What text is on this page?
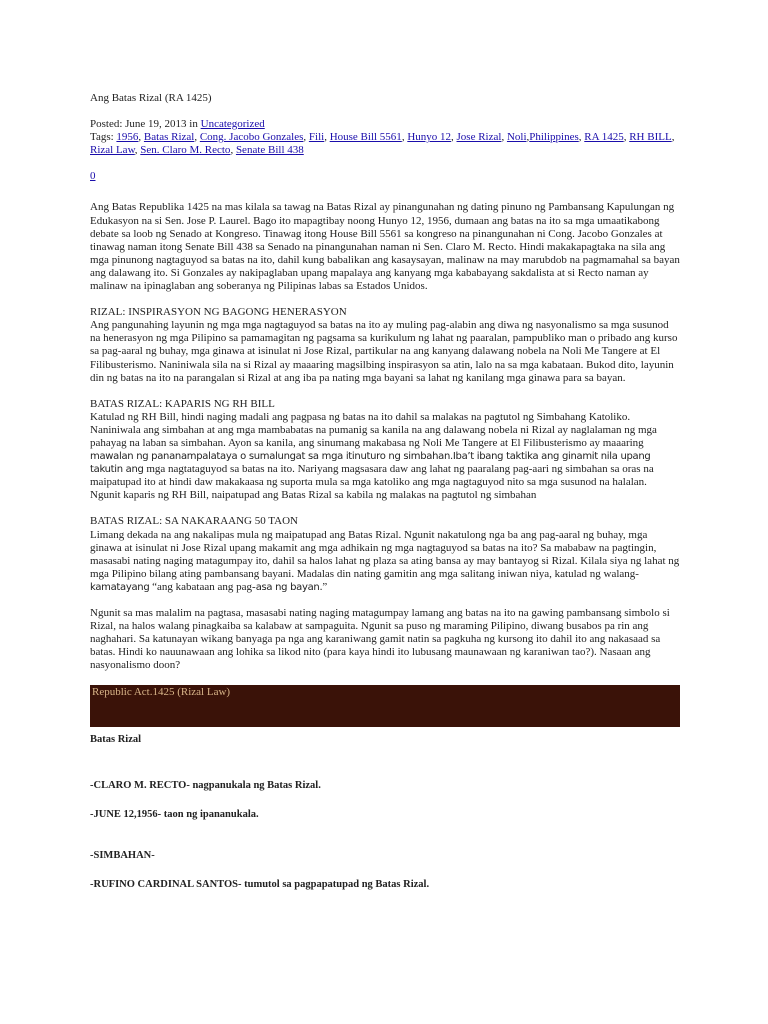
Ang Batas Rizal (RA 1425)
Posted: June 19, 2013 in Uncategorized
Tags: 1956, Batas Rizal, Cong. Jacobo Gonzales, Fili, House Bill 5561, Hunyo 12, Jose Rizal, Noli,Philippines, RA 1425, RH BILL, Rizal Law, Sen. Claro M. Recto, Senate Bill 438
0

Ang Batas Republika 1425 na mas kilala sa tawag na Batas Rizal ay pinangunahan ng dating pinuno ng Pambansang Kapulungan ng Edukasyon na si Sen. Jose P. Laurel. Bago ito mapagtibay noong Hunyo 12, 1956, dumaan ang batas na ito sa mga umaatikabong debate sa loob ng Senado at Kongreso. Tinawag itong House Bill 5561 sa kongreso na pinangunahan ni Cong. Jacobo Gonzales at tinawag naman itong Senate Bill 438 sa Senado na pinangunahan naman ni Sen. Claro M. Recto. Hindi makakapagtaka na sila ang mga pinunong nagtaguyod sa batas na ito, dahil kung babalikan ang kasaysayan, malinaw na may marubdob na pagmamahal sa bayan ang dalawang ito. Si Gonzales ay nakipaglaban upang mapalaya ang kanyang mga kababayang sakdalista at si Recto naman ay malinaw na ipinaglaban ang soberanya ng Pilipinas labas sa Estados Unidos.

RIZAL: INSPIRASYON NG BAGONG HENERASYON

Ang pangunahing layunin ng mga mga nagtaguyod sa batas na ito ay muling pag-alabin ang diwa ng nasyonalismo sa mga susunod na henerasyon ng mga Pilipino sa pamamagitan ng pagsama sa kurikulum ng lahat ng paaralan, pampubliko man o pribado ang kurso sa pag-aaral ng buhay, mga ginawa at isinulat ni Jose Rizal, partikular na ang kanyang dalawang nobela na Noli Me Tangere at El Filibusterismo. Naniniwala sila na si Rizal ay maaaring magsilbing inspirasyon sa atin, lalo na sa mga kabataan. Bukod dito, layunin din ng batas na ito na parangalan si Rizal at ang iba pa nating mga bayani sa lahat ng kanilang mga ginawa para sa bayan.

BATAS RIZAL: KAPARIS NG RH BILL

Katulad ng RH Bill, hindi naging madali ang pagpasa ng batas na ito dahil sa malakas na pagtutol ng Simbahang Katoliko. Naniniwala ang simbahan at ang mga mambabatas na pumanig sa kanila na ang dalawang nobela ni Rizal ay naglalaman ng mga pahayag na laban sa simbahan. Ayon sa kanila, ang sinumang makabasa ng Noli Me Tangere at El Filibusterismo ay maaaring mawalan ng pananampalataya o sumalungat sa mga itinuturo ng simbahan.Iba’t ibang taktika ang ginamit nila upang takutin ang mga nagtataguyod sa batas na ito. Nariyang magsasara daw ang lahat ng paaralang pag-aari ng simbahan sa oras na maipatupad ito at hindi daw makakaasa ng suporta mula sa mga katoliko ang mga nagtaguyod nito sa mga susunod na halalan. Ngunit kaparis ng RH Bill, naipatupad ang Batas Rizal sa kabila ng malakas na pagtutol ng simbahan

BATAS RIZAL: SA NAKARAANG 50 TAON

Limang dekada na ang nakalipas mula ng maipatupad ang Batas Rizal. Ngunit nakatulong nga ba ang pag-aaral ng buhay, mga ginawa at isinulat ni Jose Rizal upang makamit ang mga adhikain ng mga nagtaguyod sa batas na ito? Sa mababaw na pagtingin, masasabi nating naging matagumpay ito, dahil sa halos lahat ng plaza sa ating bansa ay may bantayog si Rizal. Kilala siya ng lahat ng mga Pilipino bilang ating pambansang bayani. Madalas din nating gamitin ang mga salitang iniwan niya, katulad ng walang-kamatayang “ang kabataan ang pag-asa ng bayan.”

Ngunit sa mas malalim na pagtasa, masasabi nating naging matagumpay lamang ang batas na ito na gawing pambansang simbolo si Rizal, na halos walang pinagkaiba sa kalabaw at sampaguita. Ngunit sa puso ng maraming Pilipino, diwang busabos pa rin ang naghahari. Sa katunayan wikang banyaga pa nga ang karaniwang gamit natin sa pagkuha ng kursong ito dahil ito ang nakasaad sa batas. Hindi ko nauunawaan ang lohika sa likod nito (para kaya hindi ito lubusang maunawaan ng karaniwan tao?). Nasaan ang nasyonalismo doon?

Republic Act.1425 (Rizal Law)
Batas Rizal
-CLARO M. RECTO- nagpanukala ng Batas Rizal.
-JUNE 12,1956- taon ng ipananukala.
-SIMBAHAN-
-RUFINO CARDINAL SANTOS- tumutol sa pagpapatupad ng Batas Rizal.
